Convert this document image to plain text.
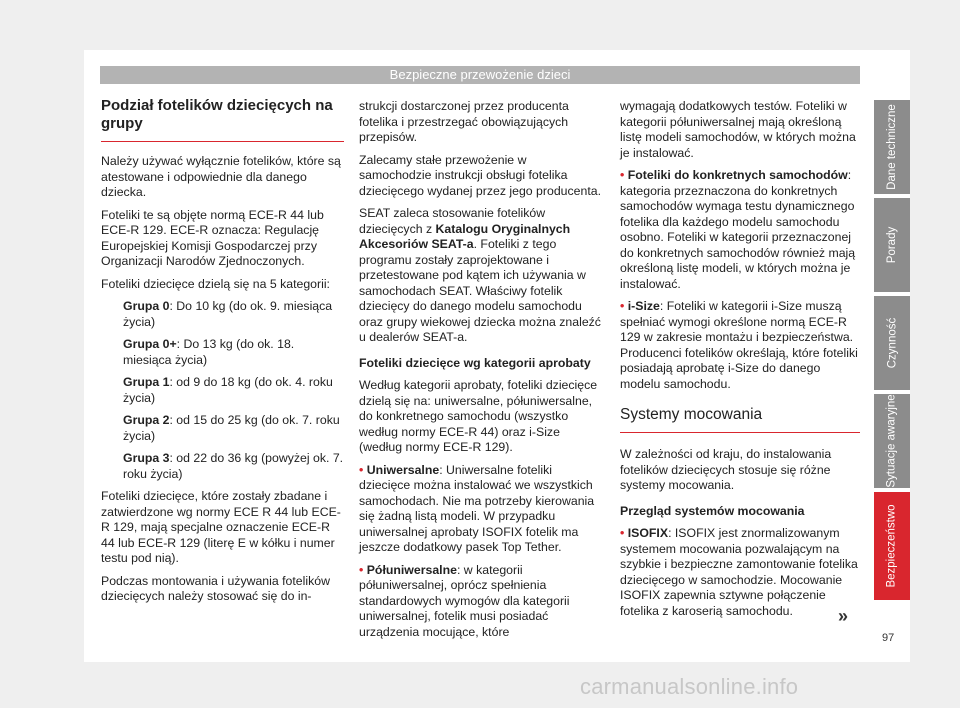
Bezpieczne przewożenie dzieci
Podział fotelików dziecięcych na grupy

Należy używać wyłącznie fotelików, które są atestowane i odpowiednie dla danego dziecka.

Foteliki te są objęte normą ECE-R 44 lub ECE-R 129. ECE-R oznacza: Regulację Europejskiej Komisji Gospodarczej przy Organizacji Narodów Zjednoczonych.

Foteliki dziecięce dzielą się na 5 kategorii:

Grupa 0: Do 10 kg (do ok. 9. miesiąca życia)

Grupa 0+: Do 13 kg (do ok. 18. miesiąca życia)

Grupa 1: od 9 do 18 kg (do ok. 4. roku życia)

Grupa 2: od 15 do 25 kg (do ok. 7. roku życia)

Grupa 3: od 22 do 36 kg (powyżej ok. 7. roku życia)

Foteliki dziecięce, które zostały zbadane i zatwierdzone wg normy ECE R 44 lub ECE-R 129, mają specjalne oznaczenie ECE-R 44 lub ECE-R 129 (literę E w kółku i numer testu pod nią).

Podczas montowania i używania fotelików dziecięcych należy stosować się do in-

strukcji dostarczonej przez producenta fotelika i przestrzegać obowiązujących przepisów.

Zalecamy stałe przewożenie w samochodzie instrukcji obsługi fotelika dziecięcego wydanej przez jego producenta.

SEAT zaleca stosowanie fotelików dziecięcych z Katalogu Oryginalnych Akcesoriów SEAT-a. Foteliki z tego programu zostały zaprojektowane i przetestowane pod kątem ich używania w samochodach SEAT. Właściwy fotelik dziecięcy do danego modelu samochodu oraz grupy wiekowej dziecka można znaleźć u dealerów SEAT-a.

Foteliki dziecięce wg kategorii aprobaty

Według kategorii aprobaty, foteliki dziecięce dzielą się na: uniwersalne, półuniwersalne, do konkretnego samochodu (wszystko według normy ECE-R 44) oraz i-Size (według normy ECE-R 129).

• Uniwersalne: Uniwersalne foteliki dziecięce można instalować we wszystkich samochodach. Nie ma potrzeby kierowania się żadną listą modeli. W przypadku uniwersalnej aprobaty ISOFIX fotelik ma jeszcze dodatkowy pasek Top Tether.

• Półuniwersalne: w kategorii półuniwersalnej, oprócz spełnienia standardowych wymogów dla kategorii uniwersalnej, fotelik musi posiadać urządzenia mocujące, które

wymagają dodatkowych testów. Foteliki w kategorii półuniwersalnej mają określoną listę modeli samochodów, w których można je instalować.

• Foteliki do konkretnych samochodów: kategoria przeznaczona do konkretnych samochodów wymaga testu dynamicznego fotelika dla każdego modelu samochodu osobno. Foteliki w kategorii przeznaczonej do konkretnych samochodów również mają określoną listę modeli, w których można je instalować.

• i-Size: Foteliki w kategorii i-Size muszą spełniać wymogi określone normą ECE-R 129 w zakresie montażu i bezpieczeństwa. Producenci fotelików określają, które foteliki posiadają aprobatę i-Size do danego modelu samochodu.

Systemy mocowania

W zależności od kraju, do instalowania fotelików dziecięcych stosuje się różne systemy mocowania.

Przegląd systemów mocowania

• ISOFIX: ISOFIX jest znormalizowanym systemem mocowania pozwalającym na szybkie i bezpieczne zamontowanie fotelika dziecięcego w samochodzie. Mocowanie ISOFIX zapewnia sztywne połączenie fotelika z karoserią samochodu.	»
Dane techniczne
Porady
Czynność
Sytuacje awaryjne
Bezpieczeństwo
97
carmanualsonline.info
